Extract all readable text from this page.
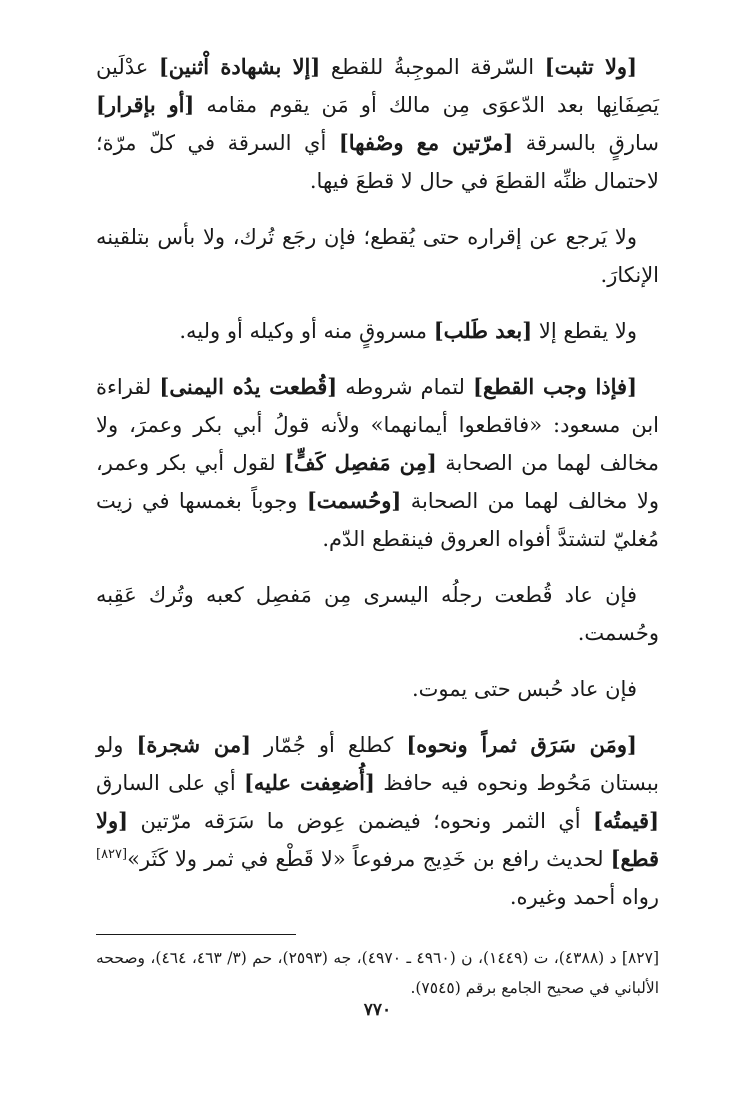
[ولا تثبت] السّرقة الموجِبةُ للقطع [إلا بشهادة اْثنين] عدْلَين يَصِفَانِها بعد الدّعوَى مِن مالك أو مَن يقوم مقامه [أو بإقرار] سارقٍ بالسرقة [مرّتين مع وصْفها] أي السرقة في كلّ مرّة؛ لاحتمال ظنِّه القطعَ في حال لا قطعَ فيها.

ولا يَرجع عن إقراره حتى يُقطع؛ فإن رجَع تُرك، ولا بأس بتلقينه الإنكارَ.

ولا يقطع إلا [بعد طَلب] مسروقٍ منه أو وكيله أو وليه.

[فإذا وجب القطع] لتمام شروطه [قُطعت يدُه اليمنى] لقراءة ابن مسعود: «فاقطعوا أيمانهما» ولأنه قولُ أبي بكر وعمرَ، ولا مخالف لهما من الصحابة [مِن مَفصِل كَفٍّ] لقول أبي بكر وعمر، ولا مخالف لهما من الصحابة [وحُسمت] وجوباً بغمسها في زيت مُغليّ لتشتدَّ أفواه العروق فينقطع الدّم.

فإن عاد قُطعت رجلُه اليسرى مِن مَفصِل كعبه وتُرك عَقِبه وحُسمت.

فإن عاد حُبس حتى يموت.

[ومَن سَرَق ثمراً ونحوه] كطلع أو جُمّار [من شجرة] ولو ببستان مَحُوط ونحوه فيه حافظ [أُضعِفت عليه] أي على السارق [قيمتُه] أي الثمر ونحوه؛ فيضمن عِوض ما سَرَقه مرّتين [ولا قطع] لحديث رافع بن خَدِيج مرفوعاً «لا قَطْع في ثمر ولا كَثَر»[٨٢٧] رواه أحمد وغيره.

[٨٢٧] د (٤٣٨٨)، ت (١٤٤٩)، ن (٤٩٦٠ ـ ٤٩٧٠)، جه (٢٥٩٣)، حم (٣/ ٤٦٣، ٤٦٤)، وصححه الألباني في صحيح الجامع برقم (٧٥٤٥).

٧٧٠
